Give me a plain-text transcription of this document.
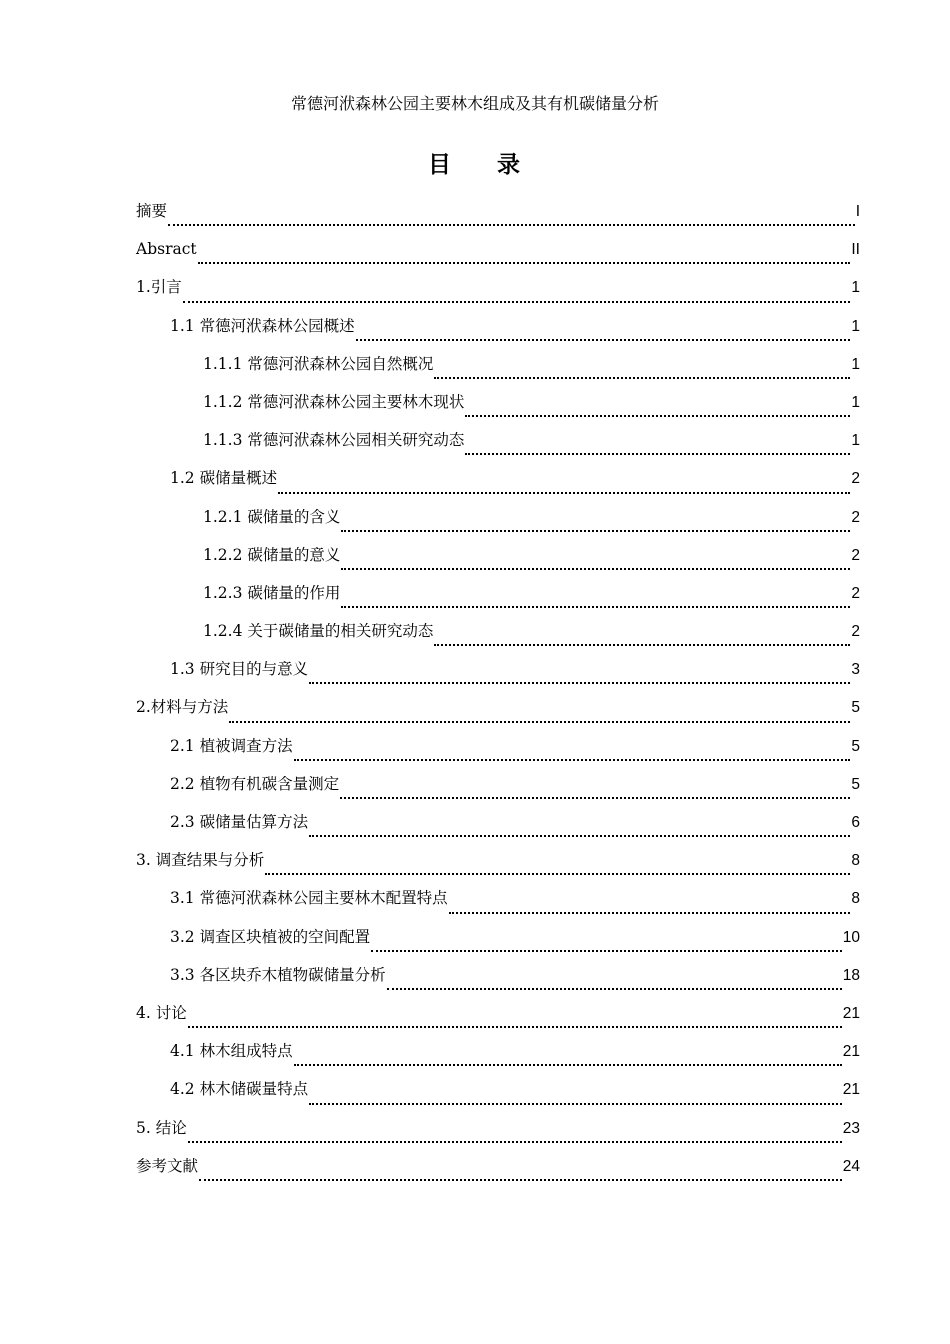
常德河洑森林公园主要林木组成及其有机碳储量分析
目 录
摘要	I
Absract	II
1.引言	1
1.1 常德河洑森林公园概述	1
1.1.1 常德河洑森林公园自然概况	1
1.1.2 常德河洑森林公园主要林木现状	1
1.1.3 常德河洑森林公园相关研究动态	1
1.2 碳储量概述	2
1.2.1 碳储量的含义	2
1.2.2 碳储量的意义	2
1.2.3 碳储量的作用	2
1.2.4 关于碳储量的相关研究动态	2
1.3 研究目的与意义	3
2.材料与方法	5
2.1 植被调查方法	5
2.2 植物有机碳含量测定	5
2.3 碳储量估算方法	6
3. 调查结果与分析	8
3.1 常德河洑森林公园主要林木配置特点	8
3.2 调查区块植被的空间配置	10
3.3 各区块乔木植物碳储量分析	18
4. 讨论	21
4.1 林木组成特点	21
4.2 林木储碳量特点	21
5. 结论	23
参考文献	24
